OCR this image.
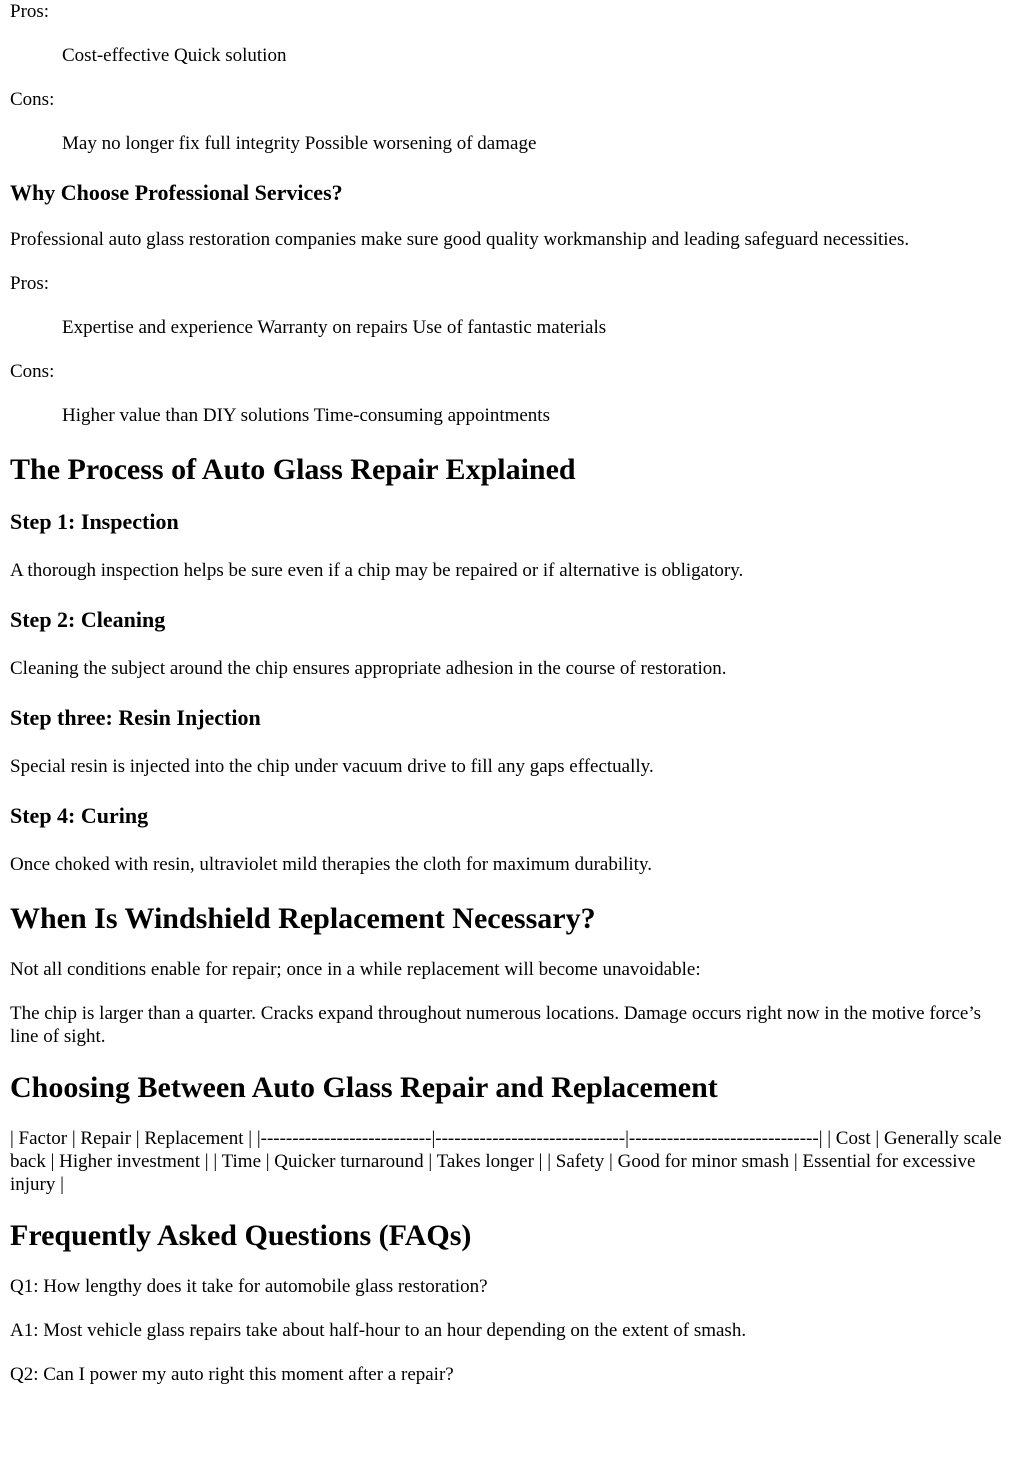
Pros:

Cost-effective Quick solution

Cons:

May no longer fix full integrity Possible worsening of damage

Why Choose Professional Services?

Professional auto glass restoration companies make sure good quality workmanship and leading safeguard necessities.

Pros:

Expertise and experience Warranty on repairs Use of fantastic materials

Cons:

Higher value than DIY solutions Time-consuming appointments

The Process of Auto Glass Repair Explained
Step 1: Inspection

A thorough inspection helps be sure even if a chip may be repaired or if alternative is obligatory.

Step 2: Cleaning

Cleaning the subject around the chip ensures appropriate adhesion in the course of restoration.

Step three: Resin Injection

Special resin is injected into the chip under vacuum drive to fill any gaps effectually.

Step 4: Curing

Once choked with resin, ultraviolet mild therapies the cloth for maximum durability.

When Is Windshield Replacement Necessary?

Not all conditions enable for repair; once in a while replacement will become unavoidable:

The chip is larger than a quarter. Cracks expand throughout numerous locations. Damage occurs right now in the motive force’s line of sight.

Choosing Between Auto Glass Repair and Replacement

| Factor | Repair | Replacement | |---------------------------|------------------------------|------------------------------| | Cost | Generally scale back | Higher investment | | Time | Quicker turnaround | Takes longer | | Safety | Good for minor smash | Essential for excessive injury |

Frequently Asked Questions (FAQs)

Q1: How lengthy does it take for automobile glass restoration?

A1: Most vehicle glass repairs take about half-hour to an hour depending on the extent of smash.

Q2: Can I power my auto right this moment after a repair?
